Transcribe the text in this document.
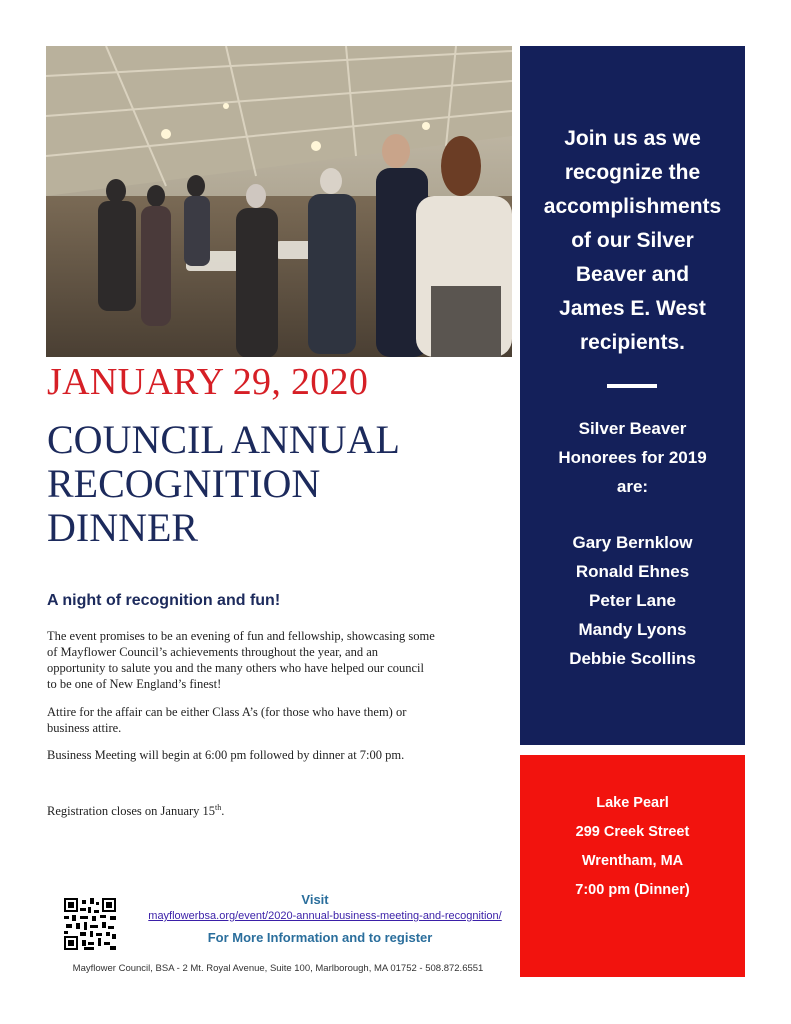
Join us as we
recognize the
accomplishments
of our Silver
Beaver and
James E. West
recipients.
Silver Beaver
Honorees for 2019
are:
Gary Bernklow
Ronald Ehnes
Peter Lane
Mandy Lyons
Debbie Scollins
Lake Pearl
299 Creek Street
Wrentham, MA
7:00 pm (Dinner)
JANUARY 29, 2020
COUNCIL ANNUAL
RECOGNITION
DINNER
A night of recognition and fun!
The event promises to be an evening of fun and fellowship, showcasing some
of Mayflower Council’s achievements throughout the year, and an
opportunity to salute you and the many others who have helped our council
to be one of New England’s finest!
Attire for the affair can be either Class A’s (for those who have them) or
business attire.
Business Meeting will begin at 6:00 pm followed by dinner at 7:00 pm.
Registration closes on January 15th.
Visit
mayflowerbsa.org/event/2020-annual-business-meeting-and-recognition/
For More Information and to register
Mayflower Council, BSA - 2 Mt. Royal Avenue, Suite 100, Marlborough, MA 01752 - 508.872.6551
